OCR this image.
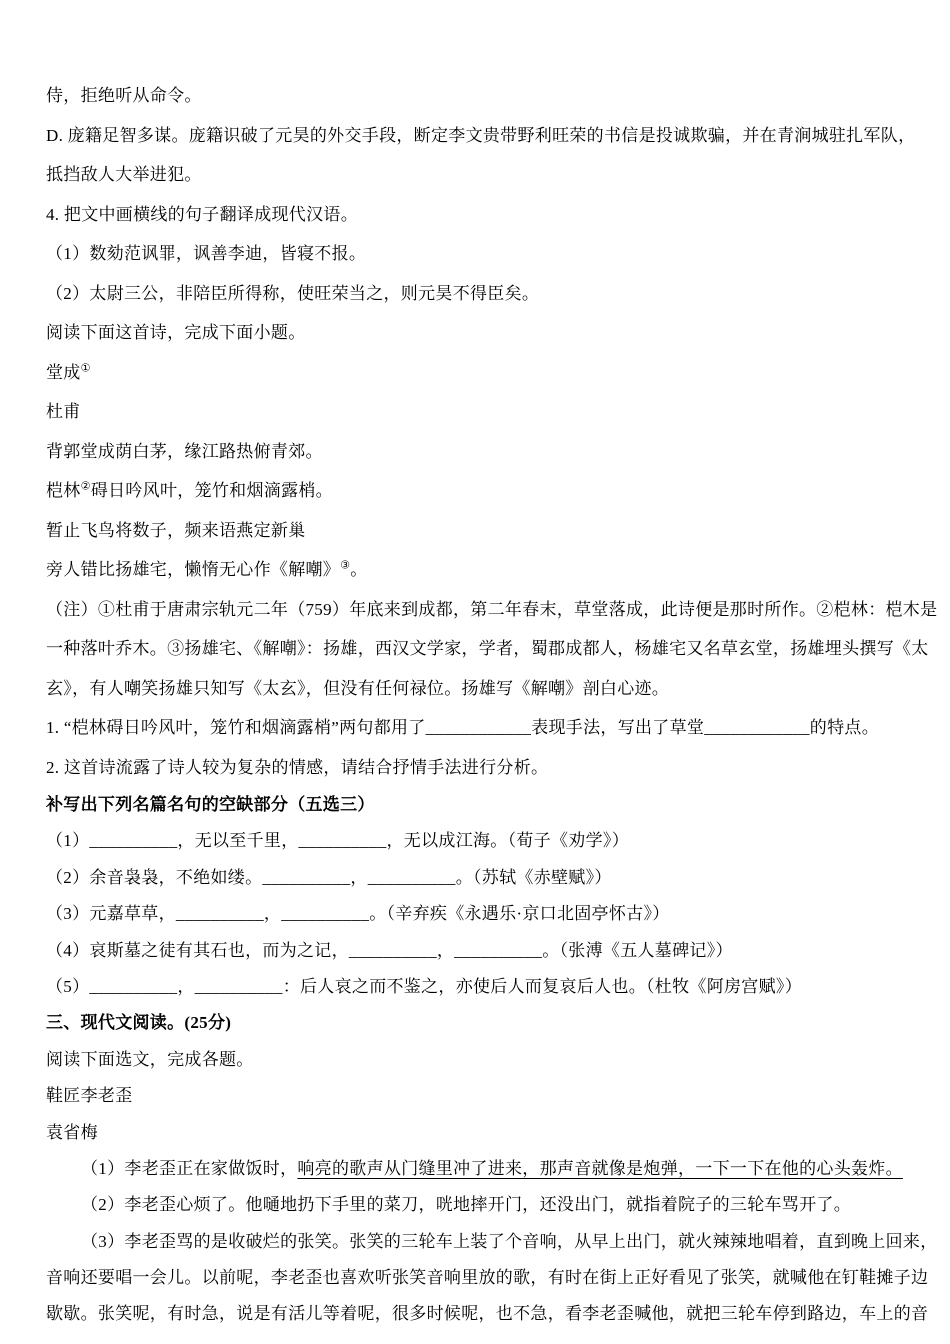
侍，拒绝听从命令。
D. 庞籍足智多谋。庞籍识破了元昊的外交手段，断定李文贵带野利旺荣的书信是投诚欺骗，并在青涧城驻扎军队，
抵挡敌人大举进犯。
4. 把文中画横线的句子翻译成现代汉语。
（1）数劾范讽罪，讽善李迪，皆寝不报。
（2）太尉三公，非陪臣所得称，使旺荣当之，则元昊不得臣矣。
阅读下面这首诗，完成下面小题。
堂成①
杜甫
背郭堂成荫白茅，缘江路热俯青郊。
桤林②碍日吟风叶，笼竹和烟滴露梢。
暂止飞鸟将数子，频来语燕定新巢
旁人错比扬雄宅，懒惰无心作《解嘲》③。
（注）①杜甫于唐肃宗轨元二年（759）年底来到成都，第二年春末，草堂落成，此诗便是那时所作。②桤林：桤木是
一种落叶乔木。③扬雄宅、《解嘲》：扬雄，西汉文学家，学者，蜀郡成都人，杨雄宅又名草玄堂，扬雄埋头撰写《太
玄》，有人嘲笑扬雄只知写《太玄》，但没有任何禄位。扬雄写《解嘲》剖白心迹。
1. “桤林碍日吟风叶，笼竹和烟滴露梢”两句都用了____________表现手法，写出了草堂____________的特点。
2. 这首诗流露了诗人较为复杂的情感，请结合抒情手法进行分析。
补写出下列名篇名句的空缺部分（五选三）
（1）__________，无以至千里，__________，无以成江海。（荀子《劝学》）
（2）余音袅袅，不绝如缕。__________，__________。（苏轼《赤壁赋》）
（3）元嘉草草，__________，__________。（辛弃疾《永遇乐·京口北固亭怀古》）
（4）哀斯墓之徒有其石也，而为之记，__________，__________。（张溥《五人墓碑记》）
（5）__________，__________：后人哀之而不鉴之，亦使后人而复哀后人也。（杜牧《阿房宫赋》）
三、现代文阅读。(25分)
阅读下面选文，完成各题。
鞋匠李老歪
袁省梅
（1）李老歪正在家做饭时，响亮的歌声从门缝里冲了进来，那声音就像是炮弹，一下一下在他的心头轰炸。
（2）李老歪心烦了。他嗵地扔下手里的菜刀，咣地摔开门，还没出门，就指着院子的三轮车骂开了。
（3）李老歪骂的是收破烂的张笑。张笑的三轮车上装了个音响，从早上出门，就火辣辣地唱着，直到晚上回来，
音响还要唱一会儿。以前呢，李老歪也喜欢听张笑音响里放的歌，有时在街上正好看见了张笑，就喊他在钉鞋摊子边
歇歇。张笑呢，有时急，说是有活儿等着呢，很多时候呢，也不急，看李老歪喊他，就把三轮车停到路边，车上的音
